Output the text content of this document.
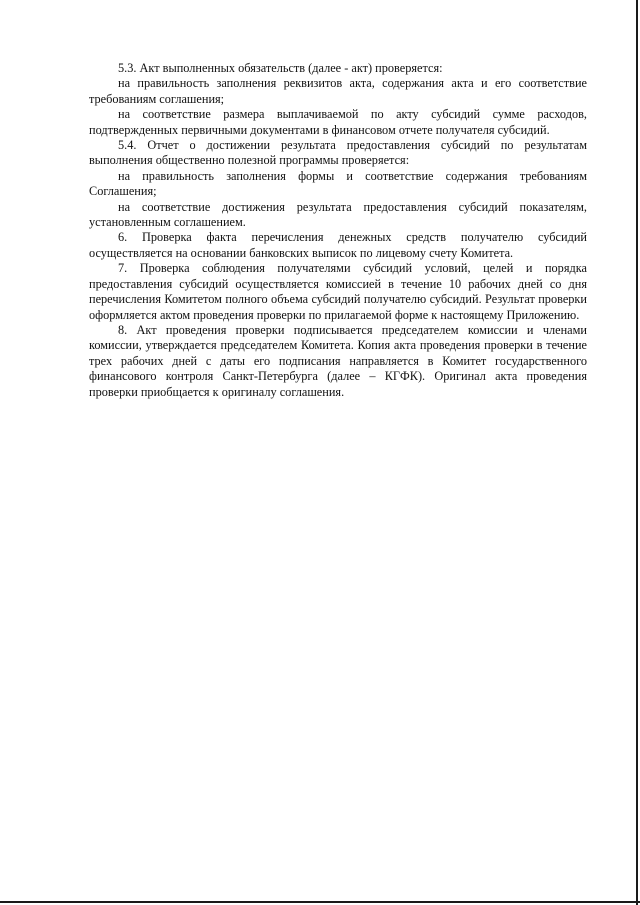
5.3. Акт выполненных обязательств (далее - акт) проверяется:

на правильность заполнения реквизитов акта, содержания акта и его соответствие требованиям соглашения;

на соответствие размера выплачиваемой по акту субсидий сумме расходов, подтвержденных первичными документами в финансовом отчете получателя субсидий.

5.4. Отчет о достижении результата предоставления субсидий по результатам выполнения общественно полезной программы проверяется:

на правильность заполнения формы и соответствие содержания требованиям Соглашения;

на соответствие достижения результата предоставления субсидий показателям, установленным соглашением.

6. Проверка факта перечисления денежных средств получателю субсидий осуществляется на основании банковских выписок по лицевому счету Комитета.

7. Проверка соблюдения получателями субсидий условий, целей и порядка предоставления субсидий осуществляется комиссией в течение 10 рабочих дней со дня перечисления Комитетом полного объема субсидий получателю субсидий. Результат проверки оформляется актом проведения проверки по прилагаемой форме к настоящему Приложению.

8. Акт проведения проверки подписывается председателем комиссии и членами комиссии, утверждается председателем Комитета. Копия акта проведения проверки в течение трех рабочих дней с даты его подписания направляется в Комитет государственного финансового контроля Санкт-Петербурга (далее – КГФК). Оригинал акта проведения проверки приобщается к оригиналу соглашения.
